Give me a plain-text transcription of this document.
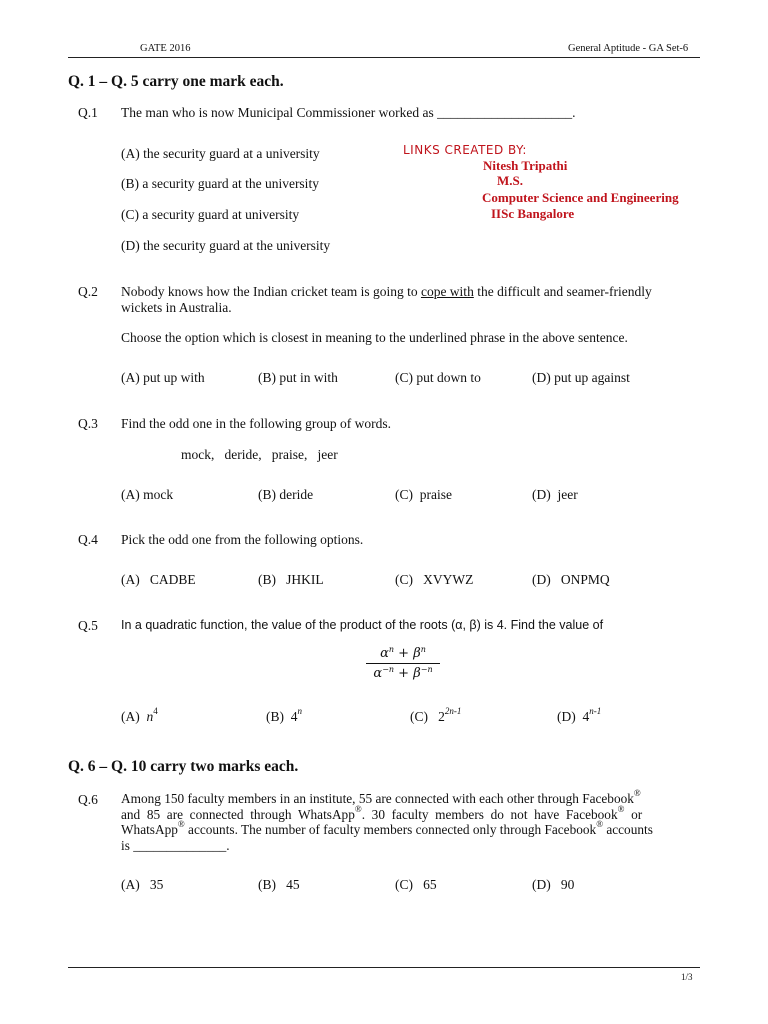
GATE 2016	General Aptitude - GA Set-6
Q. 1 – Q. 5 carry one mark each.
Q.1 The man who is now Municipal Commissioner worked as ____________________.
(A) the security guard at a university
(B) a security guard at the university
(C) a security guard at university
(D) the security guard at the university
LINKS CREATED BY:
Nitesh Tripathi
M.S.
Computer Science and Engineering
IISc Bangalore
Q.2 Nobody knows how the Indian cricket team is going to cope with the difficult and seamer-friendly
wickets in Australia.
Choose the option which is closest in meaning to the underlined phrase in the above sentence.
(A) put up with	(B) put in with	(C) put down to	(D) put up against
Q.3 Find the odd one in the following group of words.
mock,   deride,   praise,   jeer
(A) mock	(B) deride	(C)  praise	(D)  jeer
Q.4 Pick the odd one from the following options.
(A)   CADBE	(B)   JHKIL	(C)   XVYWZ	(D)   ONPMQ
Q.5 In a quadratic function, the value of the product of the roots (α, β) is 4. Find the value of
$\alpha^n + \beta^n$
$\alpha^{-n} + \beta^{-n}$
(A) $n^4$	(B) 4$^n$	(C) $2^{2n-1}$	(D) 4$^{n-1}$
Q. 6 – Q. 10 carry two marks each.
Q.6 Among 150 faculty members in an institute, 55 are connected with each other through Facebook®
and  85  are  connected  through  WhatsApp®.  30  faculty  members  do  not  have  Facebook®  or
WhatsApp® accounts. The number of faculty members connected only through Facebook® accounts
is ______________.
(A)   35	(B)   45	(C)   65	(D)   90
1/3
